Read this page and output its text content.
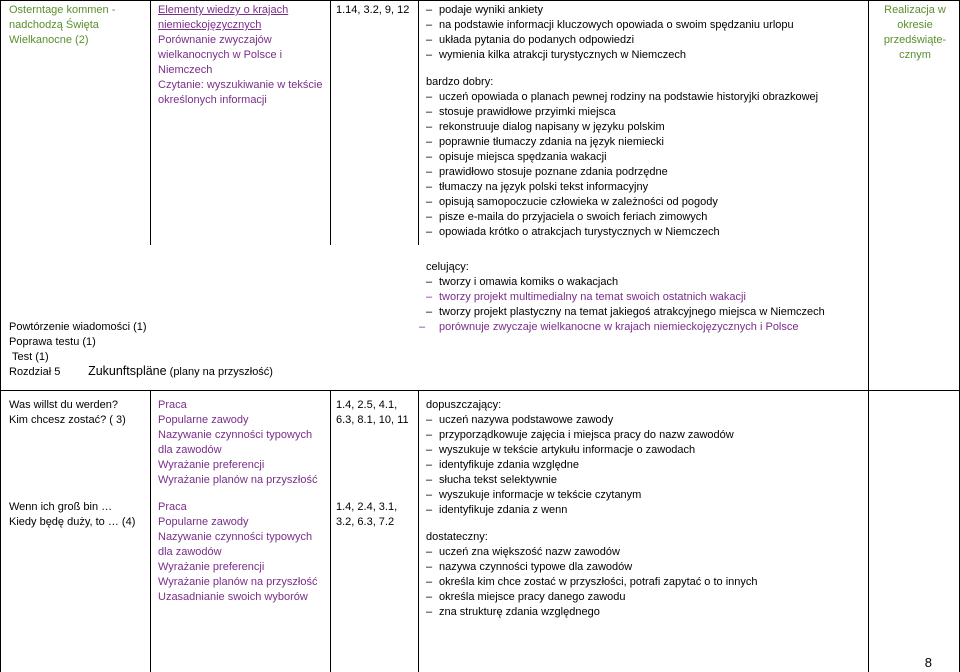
Osterntage kommen - nadchodzą Święta Wielkanocne (2)
Elementy wiedzy o krajach niemieckojęzycznych
Porównanie zwyczajów wielkanocnych w Polsce i Niemczech
Czytanie: wyszukiwanie w tekście określonych informacji
1.14, 3.2, 9, 12
–	podaje wyniki ankiety
– na podstawie informacji kluczowych opowiada o swoim spędzaniu urlopu
– układa pytania do podanych odpowiedzi
– wymienia kilka atrakcji turystycznych w Niemczech
bardzo dobry:
– uczeń opowiada o planach pewnej rodziny na podstawie historyjki obrazkowej
– stosuje prawidłowe przyimki miejsca
– rekonstruuje dialog napisany w języku polskim
– poprawnie tłumaczy zdania na język niemiecki
– opisuje miejsca spędzania wakacji
– prawidłowo stosuje poznane zdania podrzędne
– tłumaczy na język polski tekst informacyjny
– opisują samopoczucie człowieka w zależności od pogody
– pisze e-maila do przyjaciela o swoich feriach zimowych
– opowiada krótko o atrakcjach turystycznych w Niemczech
celujący:
– tworzy i omawia komiks o wakacjach
– tworzy projekt multimedialny na temat swoich ostatnich wakacji
– tworzy projekt plastyczny na temat jakiegoś atrakcyjnego miejsca w Niemczech
– porównuje zwyczaje wielkanocne w krajach niemieckojęzycznych i Polsce
Realizacja w okresie przedświąte- cznym
Powtórzenie wiadomości (1)
Poprawa testu (1)
Test (1)
Rozdział 5 Zukunftspläne (plany na przyszłość)
Was willst du werden?
Kim chcesz zostać? ( 3)
Wenn ich groß bin …
Kiedy będę duży, to … (4)
Praca
Popularne zawody
Nazywanie czynności typowych dla zawodów
Wyrażanie preferencji
Wyrażanie planów na przyszłość
Praca
Popularne zawody
Nazywanie czynności typowych dla zawodów
Wyrażanie preferencji
Wyrażanie planów na przyszłość
Uzasadnianie swoich wyborów
1.4, 2.5, 4.1, 6.3, 8.1, 10, 11
1.4, 2.4, 3.1, 3.2, 6.3, 7.2
dopuszczający:
– uczeń nazywa podstawowe zawody
– przyporządkowuje zajęcia i miejsca pracy do nazw zawodów
– wyszukuje w tekście artykułu informacje o zawodach
– identyfikuje zdania względne
– słucha tekst selektywnie
– wyszukuje informacje w tekście czytanym
– identyfikuje zdania z wenn
dostateczny:
– uczeń zna większość nazw zawodów
– nazywa czynności typowe dla zawodów
– określa kim chce zostać w przyszłości, potrafi zapytać o to innych
– określa miejsce pracy danego zawodu
– zna strukturę zdania względnego
8
